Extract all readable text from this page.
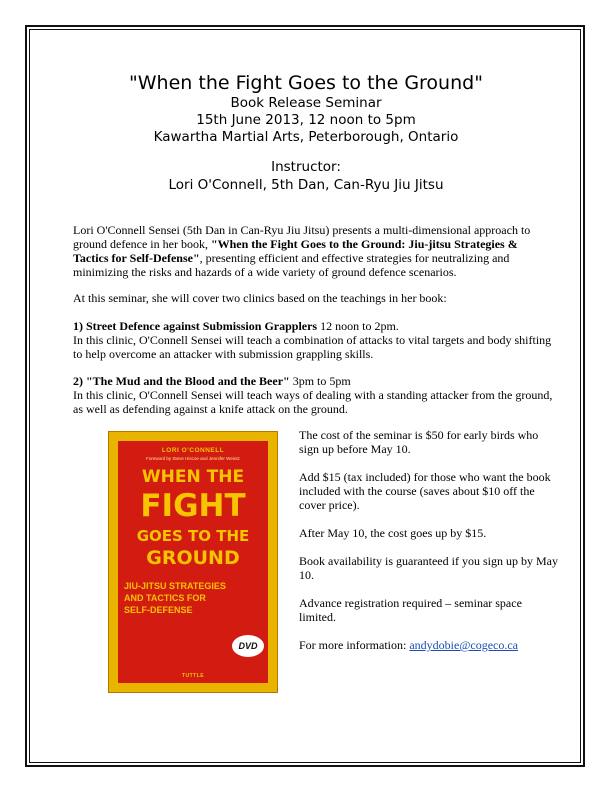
"When the Fight Goes to the Ground"
Book Release Seminar
15th June 2013, 12 noon to 5pm
Kawartha Martial Arts, Peterborough, Ontario
Instructor:
Lori O'Connell, 5th Dan, Can-Ryu Jiu Jitsu

Lori O'Connell Sensei (5th Dan in Can-Ryu Jiu Jitsu) presents a multi-dimensional approach to ground defence in her book, "When the Fight Goes to the Ground: Jiu-jitsu Strategies & Tactics for Self-Defense", presenting efficient and effective strategies for neutralizing and minimizing the risks and hazards of a wide variety of ground defence scenarios.

At this seminar, she will cover two clinics based on the teachings in her book:

1) Street Defence against Submission Grapplers 12 noon to 2pm.
In this clinic, O'Connell Sensei will teach a combination of attacks to vital targets and body shifting to help overcome an attacker with submission grappling skills.

2) "The Mud and the Blood and the Beer" 3pm to 5pm
In this clinic, O'Connell Sensei will teach ways of dealing with a standing attacker from the ground, as well as defending against a knife attack on the ground.

LORI O'CONNELL
Foreword by Steve Hiscoe and Jennifer Weintz
WHEN THE
FIGHT
GOES TO THE
GROUND
JIU-JITSU STRATEGIES
AND TACTICS FOR
SELF-DEFENSE
DVD
TUTTLE

The cost of the seminar is $50 for early birds who sign up before May 10.

Add $15 (tax included) for those who want the book included with the course (saves about $10 off the cover price).

After May 10, the cost goes up by $15.

Book availability is guaranteed if you sign up by May 10.

Advance registration required – seminar space limited.

For more information: andydobie@cogeco.ca
